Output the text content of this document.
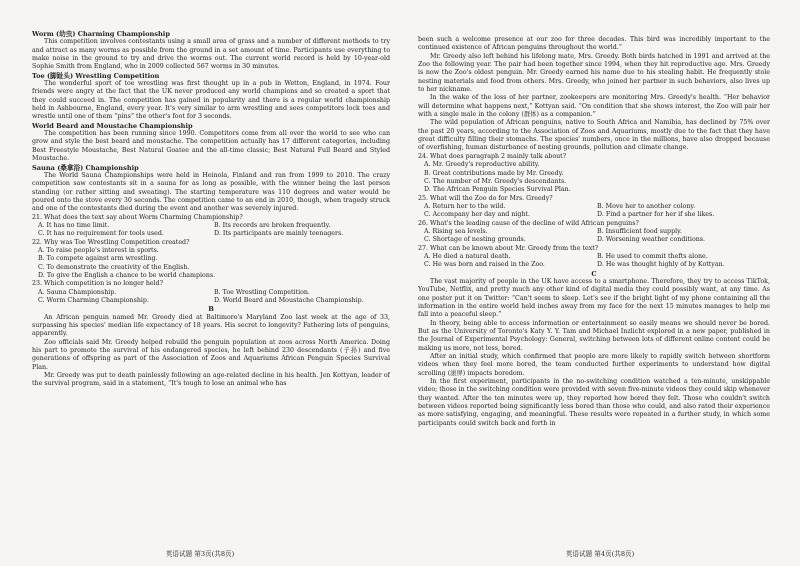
Worm (幼虫) Charming Championship

This competition involves contestants using a small area of grass and a number of different methods to try and attract as many worms as possible from the ground in a set amount of time. Participants use everything to make noise in the ground to try and drive the worms out. The current world record is held by 10-year-old Sophie Smith from England, who in 2009 collected 567 worms in 30 minutes.

Toe (脚趾头) Wrestling Competition

The wonderful sport of toe wrestling was first thought up in a pub in Wetton, England, in 1974. Four friends were angry at the fact that the UK never produced any world champions and so created a sport that they could succeed in. The competition has gained in popularity and there is a regular world championship held in Ashbourne, England, every year. It's very similar to arm wrestling and sees competitors lock toes and wrestle until one of them “pins” the other's foot for 3 seconds.

World Beard and Moustache Championship

The competition has been running since 1990. Competitors come from all over the world to see who can grow and style the best beard and moustache. The competition actually has 17 different categories, including Best Freestyle Moustache, Best Natural Goatee and the all-time classic; Best Natural Full Beard and Styled Moustache.

Sauna (桑拿浴) Championship

The World Sauna Championships were held in Heinola, Finland and ran from 1999 to 2010. The crazy competition saw contestants sit in a sauna for as long as possible, with the winner being the last person standing (or rather sitting and sweating). The starting temperature was 110 degrees and water would be poured onto the stove every 30 seconds. The competition came to an end in 2010, though, when tragedy struck and one of the contestants died during the event and another was severely injured.

21. What does the text say about Worm Charming Championship?

A. It has no time limit.	B. Its records are broken frequently.
C. It has no requirement for tools used.	D. Its participants are mainly teenagers.

22. Why was Toe Wrestling Competition created?

A. To raise people's interest in sports.
B. To compete against arm wrestling.
C. To demonstrate the creativity of the English.
D. To give the English a chance to be world champions.

23. Which competition is no longer held?

A. Sauna Championship.	B. Toe Wrestling Competition.
C. Worm Charming Championship.	D. World Beard and Moustache Championship.
B

An African penguin named Mr. Greedy died at Baltimore's Maryland Zoo last week at the age of 33, surpassing his species' median life expectancy of 18 years. His secret to longevity? Fathering lots of penguins, apparently.

Zoo officials said Mr. Greedy helped rebuild the penguin population at zoos across North America. Doing his part to promote the survival of his endangered species, he left behind 230 descendants (子孙) and five generations of offspring as part of the Association of Zoos and Aquariums African Penguin Species Survival Plan.

Mr. Greedy was put to death painlessly following an age-related decline in his health. Jen Kottyan, leader of the survival program, said in a statement, “It's tough to lose an animal who has

英语试题 第3页(共8页)

been such a welcome presence at our zoo for three decades. This bird was incredibly important to the continued existence of African penguins throughout the world.”

Mr. Greedy also left behind his lifelong mate, Mrs. Greedy. Both birds hatched in 1991 and arrived at the Zoo the following year. The pair had been together since 1994, when they hit reproductive age. Mrs. Greedy is now the Zoo's oldest penguin. Mr. Greedy earned his name due to his stealing habit. He frequently stole nesting materials and food from others. Mrs. Greedy, who joined her partner in such behaviors, also lives up to her nickname.

In the wake of the loss of her partner, zookeepers are monitoring Mrs. Greedy's health. “Her behavior will determine what happens next,” Kottyan said. “On condition that she shows interest, the Zoo will pair her with a single male in the colony (群体) as a companion.”

The wild population of African penguins, native to South Africa and Namibia, has declined by 75% over the past 20 years, according to the Association of Zoos and Aquariums, mostly due to the fact that they have great difficulty filling their stomachs. The species' numbers, once in the millions, have also dropped because of overfishing, human disturbance of nesting grounds, pollution and climate change.

24. What does paragraph 2 mainly talk about?

A. Mr. Greedy's reproductive ability.
B. Great contributions made by Mr. Greedy.
C. The number of Mr. Greedy's descendants.
D. The African Penguin Species Survival Plan.

25. What will the Zoo do for Mrs. Greedy?

A. Return her to the wild.	B. Move her to another colony.
C. Accompany her day and night.	D. Find a partner for her if she likes.

26. What's the leading cause of the decline of wild African penguins?

A. Rising sea levels.	B. Insufficient food supply.
C. Shortage of nesting grounds.	D. Worsening weather conditions.

27. What can be known about Mr. Greedy from the text?

A. He died a natural death.	B. He used to commit thefts alone.
C. He was born and raised in the Zoo.	D. He was thought highly of by Kottyan.
C

The vast majority of people in the UK have access to a smartphone. Therefore, they try to access TikTok, YouTube, Netflix, and pretty much any other kind of digital media they could possibly want, at any time. As one poster put it on Twitter: “Can't seem to sleep. Let's see if the bright light of my phone containing all the information in the entire world held inches away from my face for the next 15 minutes manages to help me fall into a peaceful sleep.”

In theory, being able to access information or entertainment so easily means we should never be bored. But as the University of Toronto's Katy Y. Y. Tam and Michael Inzlicht explored in a new paper, published in the Journal of Experimental Psychology: General, switching between lots of different online content could be making us more, not less, bored.

After an initial study, which confirmed that people are more likely to rapidly switch between shortform videos when they feel more bored, the team conducted further experiments to understand how digital scrolling (滚屏) impacts boredom.

In the first experiment, participants in the no-switching condition watched a ten-minute, unskippable video; those in the switching condition were provided with seven five-minute videos they could skip whenever they wanted. After the ten minutes were up, they reported how bored they felt. Those who couldn't switch between videos reported being significantly less bored than those who could, and also rated their experience as more satisfying, engaging, and meaningful. These results were repeated in a further study, in which some participants could switch back and forth in

英语试题 第4页(共8页)
